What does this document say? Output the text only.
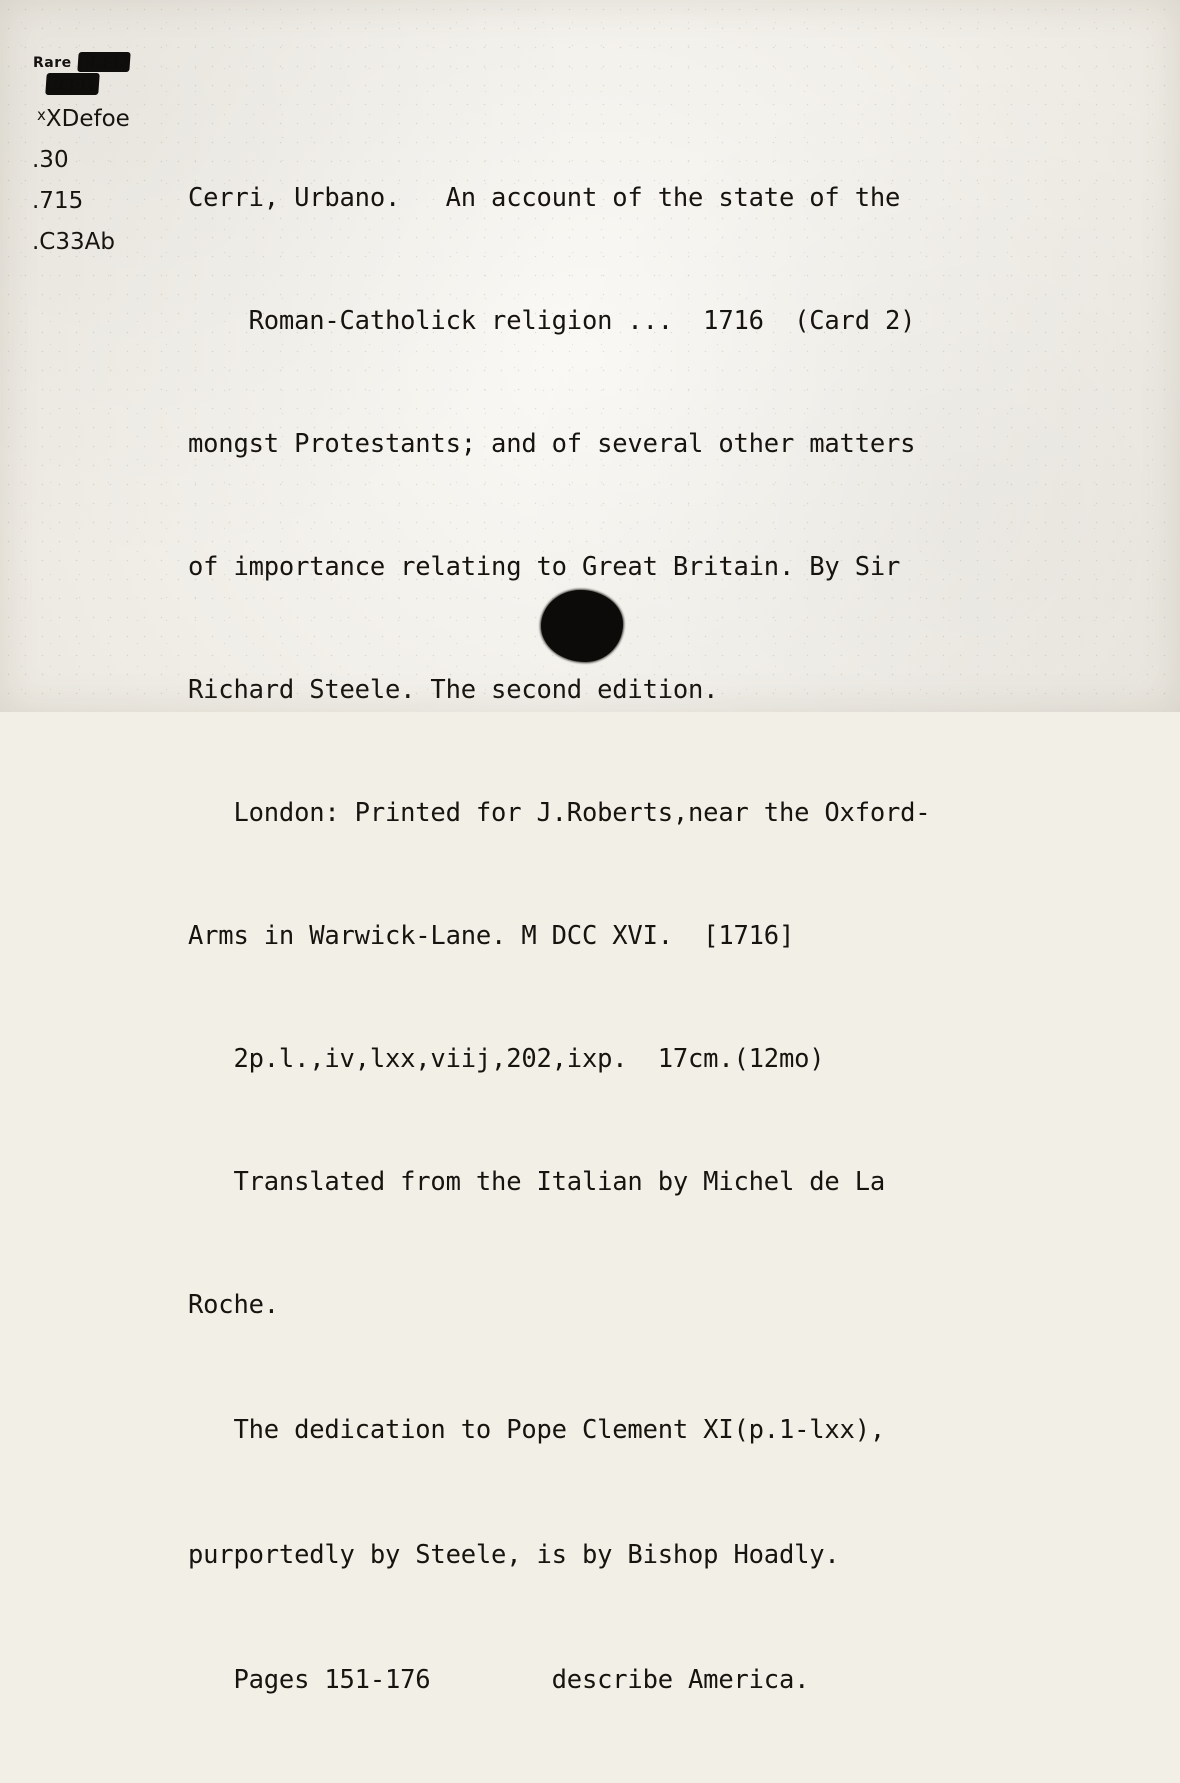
Rare Book
Dept.
$^x$XDefoe
.30
.715
.C33Ab

Cerri, Urbano.   An account of the state of the

Roman-Catholick religion ...  1716  (Card 2)

mongst Protestants; and of several other matters

of importance relating to Great Britain. By Sir

Richard Steele. The second edition.

London: Printed for J.Roberts,near the Oxford-

Arms in Warwick-Lane. M DCC XVI.  [1716]

2p.l.,iv,lxx,viij,202,ixp.  17cm.(12mo)

Translated from the Italian by Michel de La

Roche.

The dedication to Pope Clement XI(p.1-lxx),

purportedly by Steele, is by Bishop Hoadly.

Pages 151-176        describe America.
